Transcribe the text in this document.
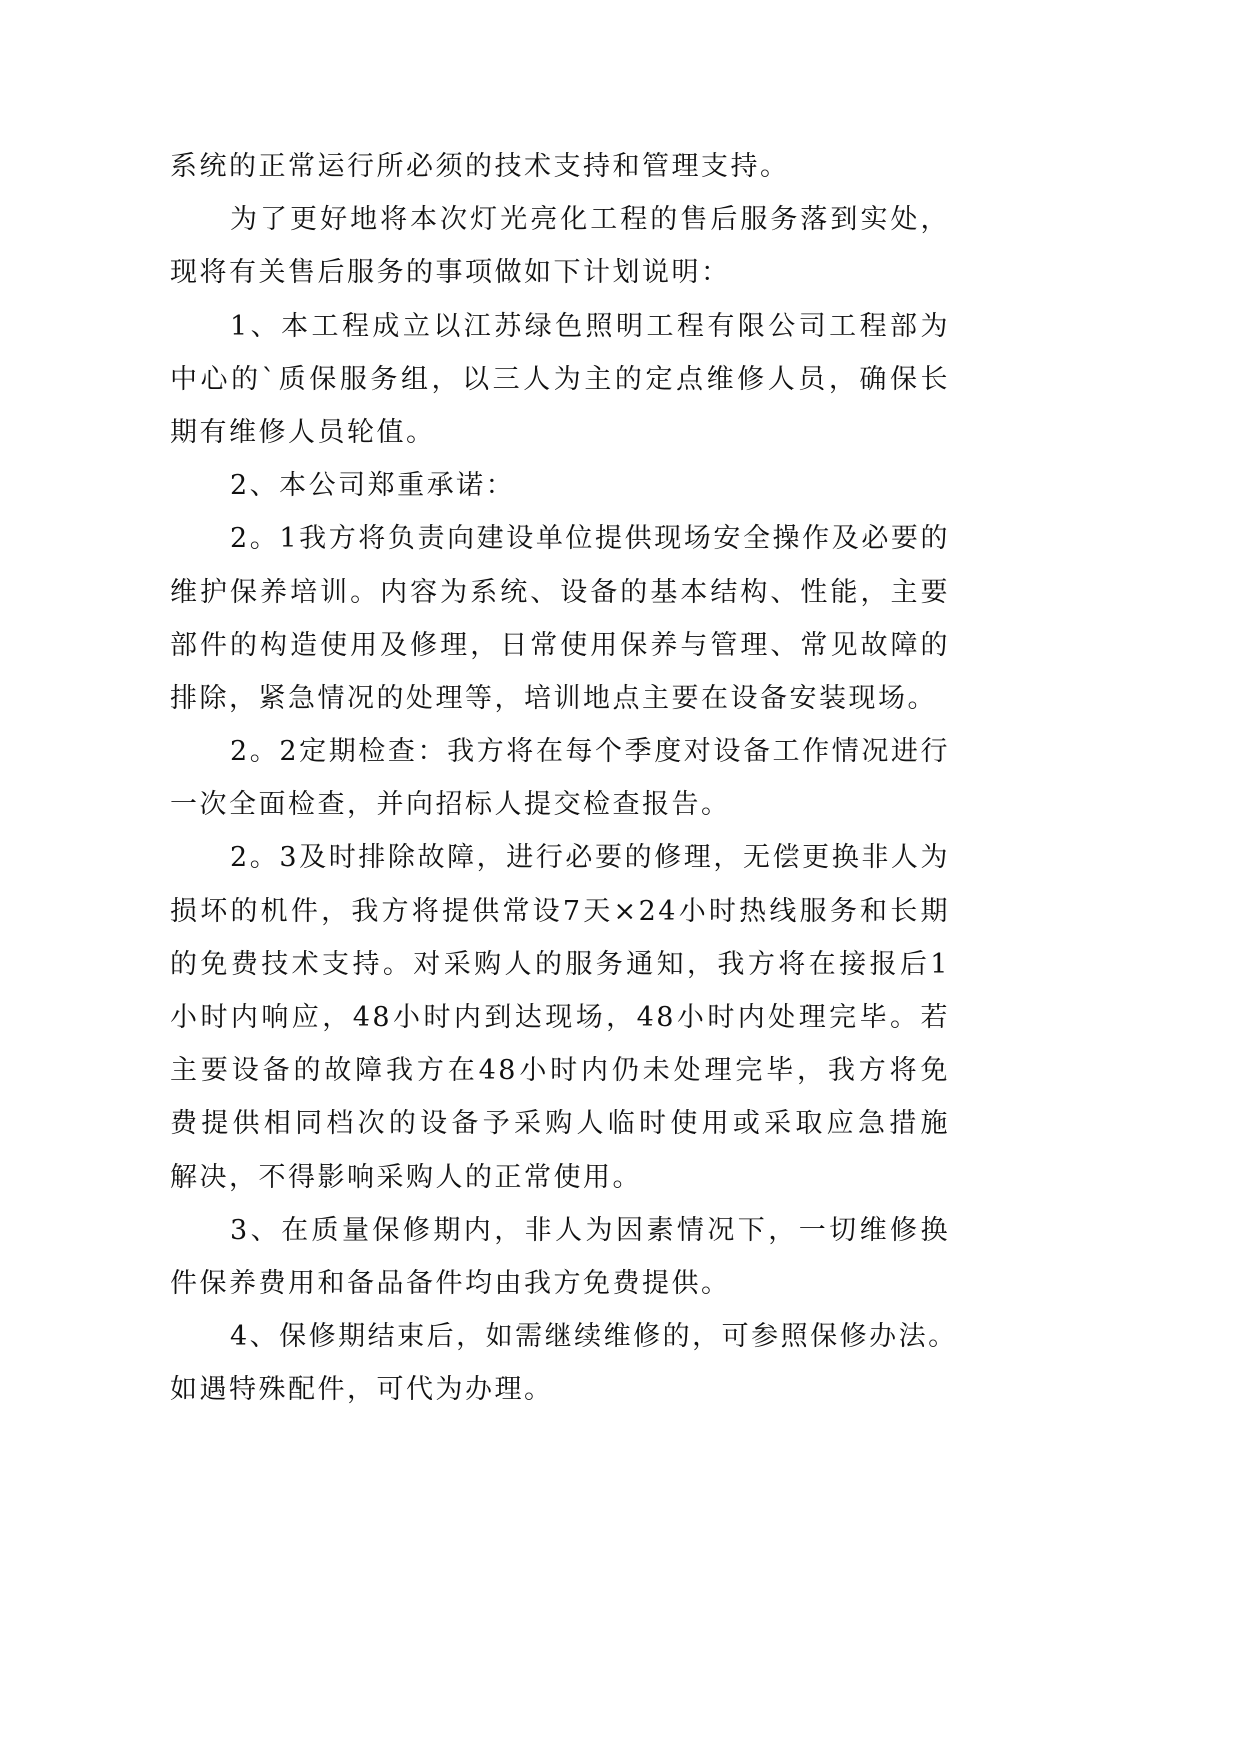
系统的正常运行所必须的技术支持和管理支持。
为了更好地将本次灯光亮化工程的售后服务落到实处，
现将有关售后服务的事项做如下计划说明：
1、本工程成立以江苏绿色照明工程有限公司工程部为
中心的`质保服务组，以三人为主的定点维修人员，确保长
期有维修人员轮值。
2、本公司郑重承诺：
2。1我方将负责向建设单位提供现场安全操作及必要的
维护保养培训。内容为系统、设备的基本结构、性能，主要
部件的构造使用及修理，日常使用保养与管理、常见故障的
排除，紧急情况的处理等，培训地点主要在设备安装现场。
2。2定期检查：我方将在每个季度对设备工作情况进行
一次全面检查，并向招标人提交检查报告。
2。3及时排除故障，进行必要的修理，无偿更换非人为
损坏的机件，我方将提供常设7天×24小时热线服务和长期
的免费技术支持。对采购人的服务通知，我方将在接报后1
小时内响应，48小时内到达现场，48小时内处理完毕。若
主要设备的故障我方在48小时内仍未处理完毕，我方将免
费提供相同档次的设备予采购人临时使用或采取应急措施
解决，不得影响采购人的正常使用。
3、在质量保修期内，非人为因素情况下，一切维修换
件保养费用和备品备件均由我方免费提供。
4、保修期结束后，如需继续维修的，可参照保修办法。
如遇特殊配件，可代为办理。
